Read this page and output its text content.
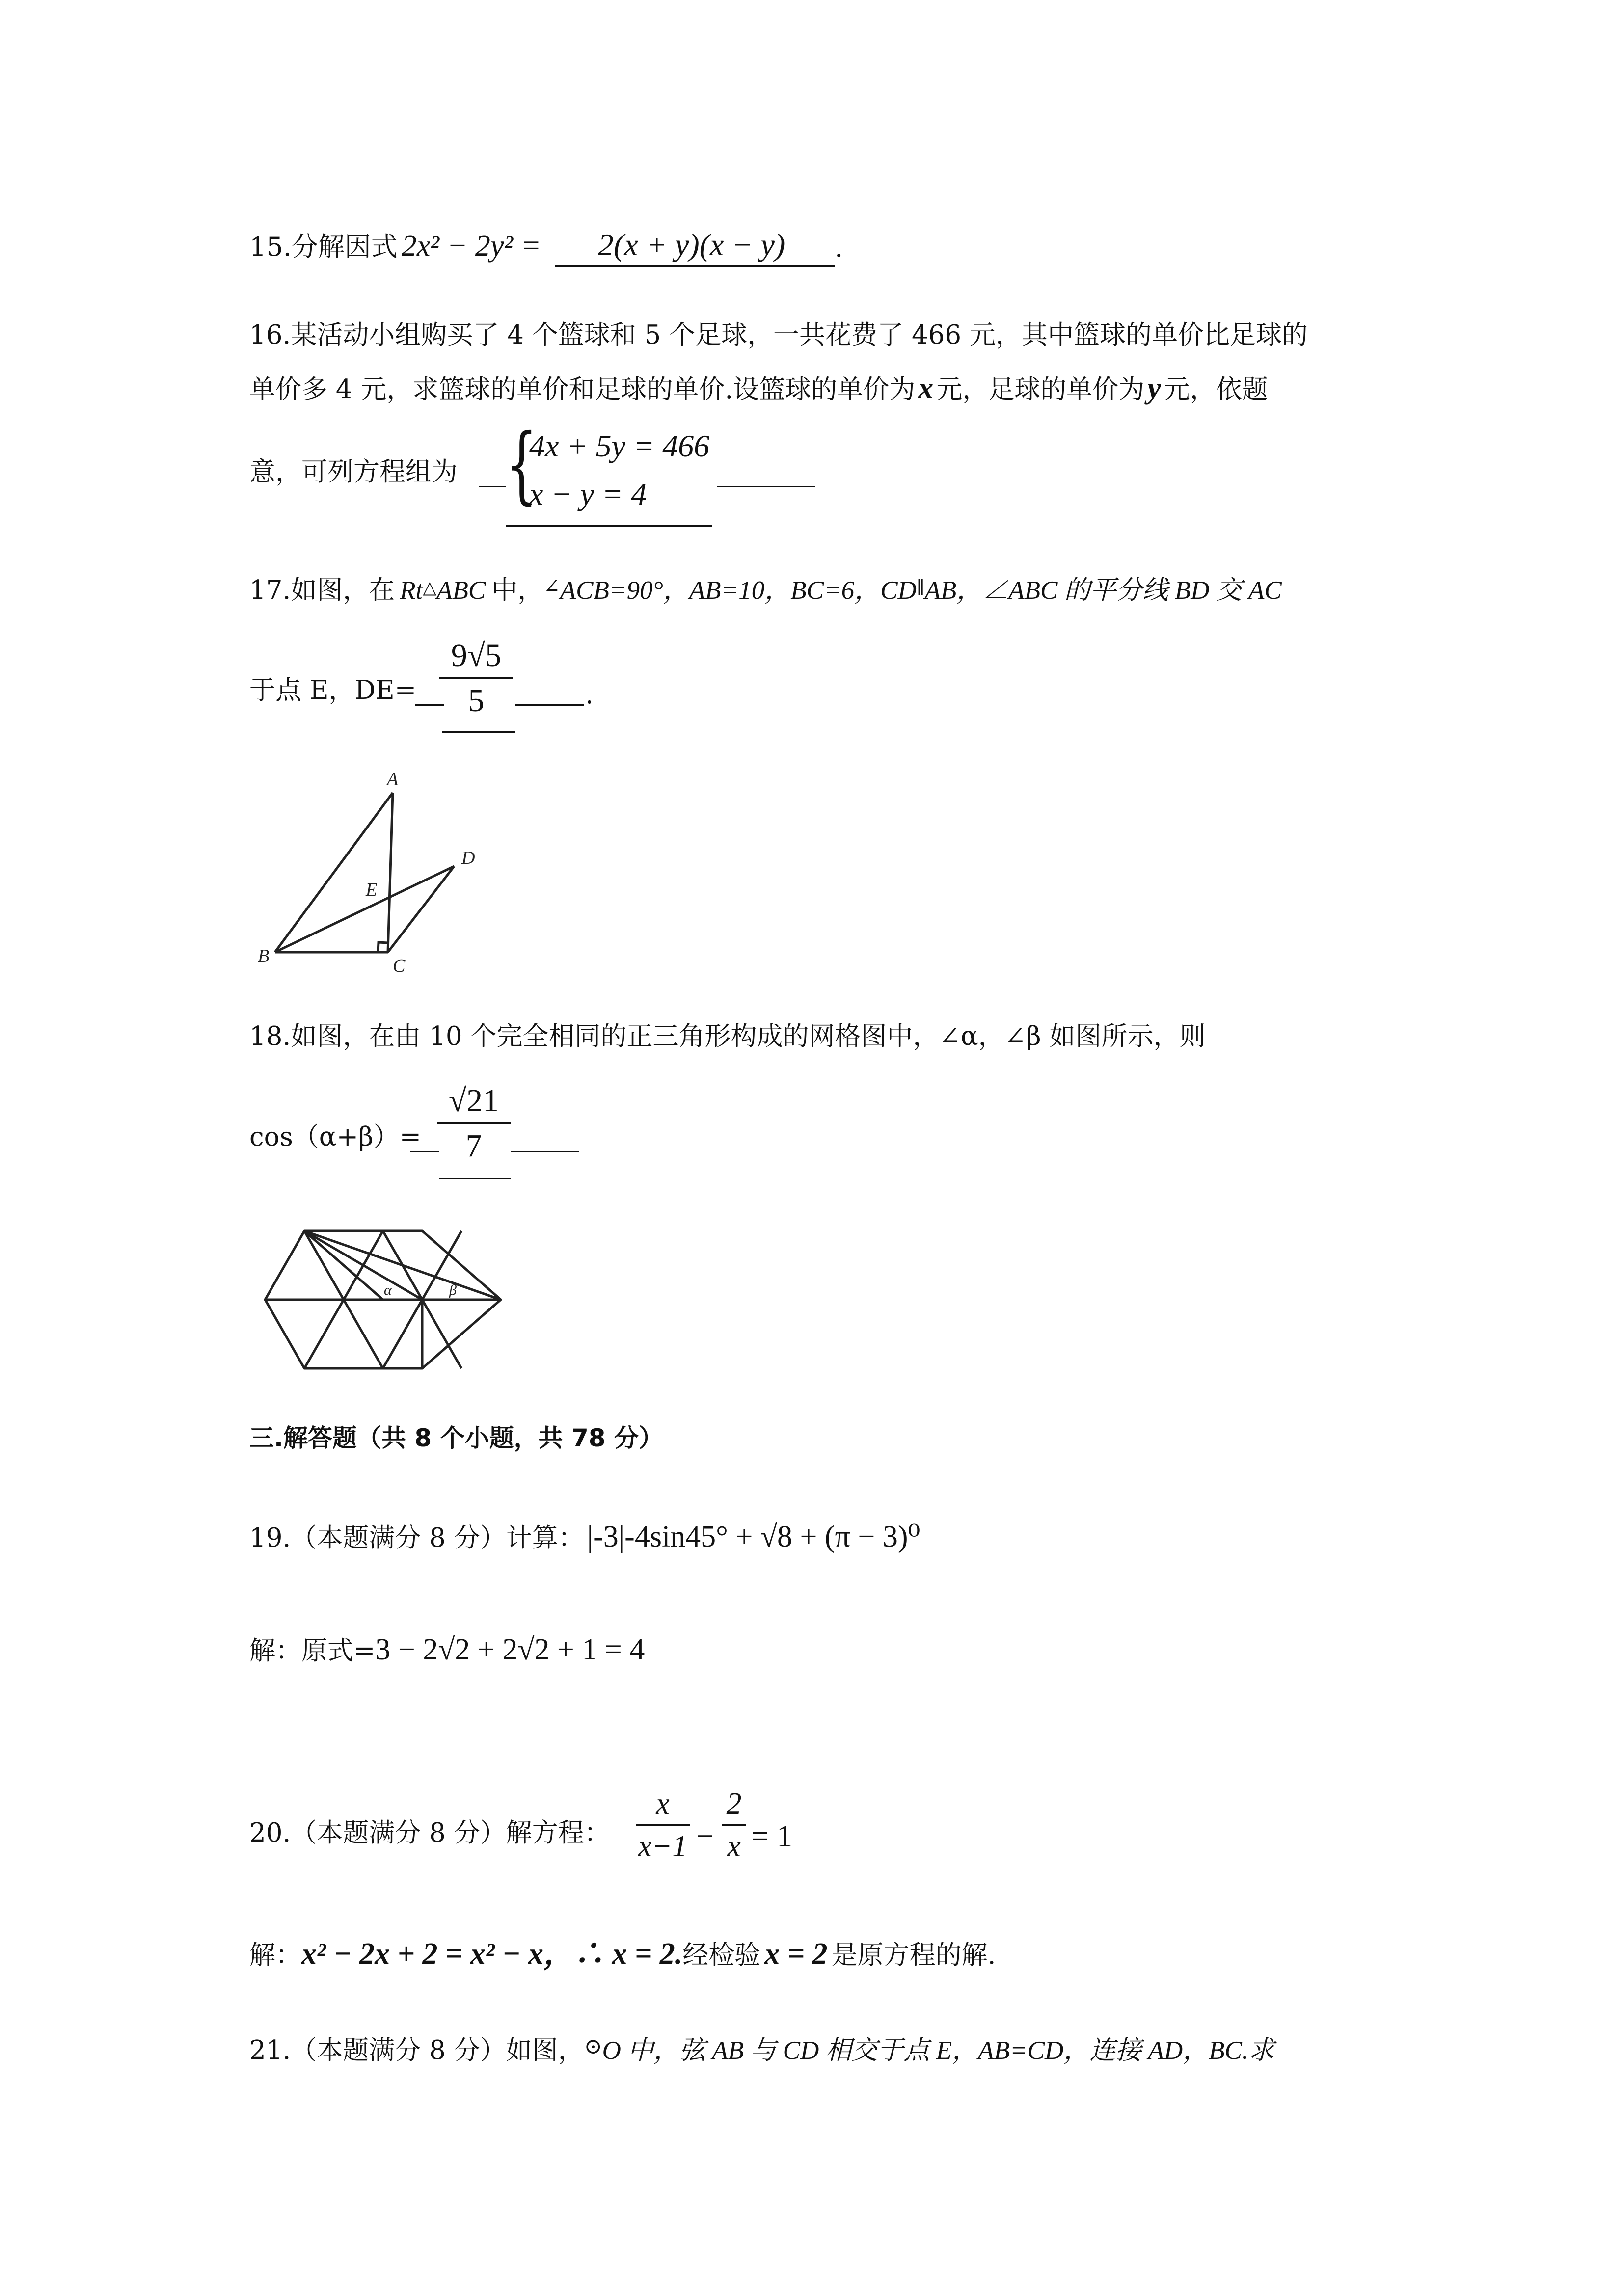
15.分解因式 2x² − 2y² = 2(x + y)(x − y) .
16.某活动小组购买了 4 个篮球和 5 个足球，一共花费了 466 元，其中篮球的单价比足球的
单价多 4 元，求篮球的单价和足球的单价.设篮球的单价为x 元，足球的单价为y 元，依题
意，可列方程组为 {
4x + 5y = 466
x − y = 4
17.如图，在 Rt△ABC 中，∠ACB=90°，AB=10，BC=6，CD∥AB，∠ABC 的平分线 BD 交 AC
于点 E，DE=
9√5
5	.
A
B	C
D
E
18.如图，在由 10 个完全相同的正三角形构成的网格图中，∠α，∠β 如图所示，则
cos（α+β）=
√21
7
α	β
三.解答题（共 8 个小题，共 78 分）
19.（本题满分 8 分）计算：|-3|-4sin45° + √8 + (π − 3)⁰
解：原式=3 − 2√2 + 2√2 + 1 = 4
20.（本题满分 8 分）解方程：
x
x−1 −
2
x = 1
解：x² − 2x + 2 = x² − x，∴ x = 2.经检验 x = 2 是原方程的解.
21.（本题满分 8 分）如图，⊙O 中，弦 AB 与 CD 相交于点 E，AB=CD，连接 AD，BC.求
